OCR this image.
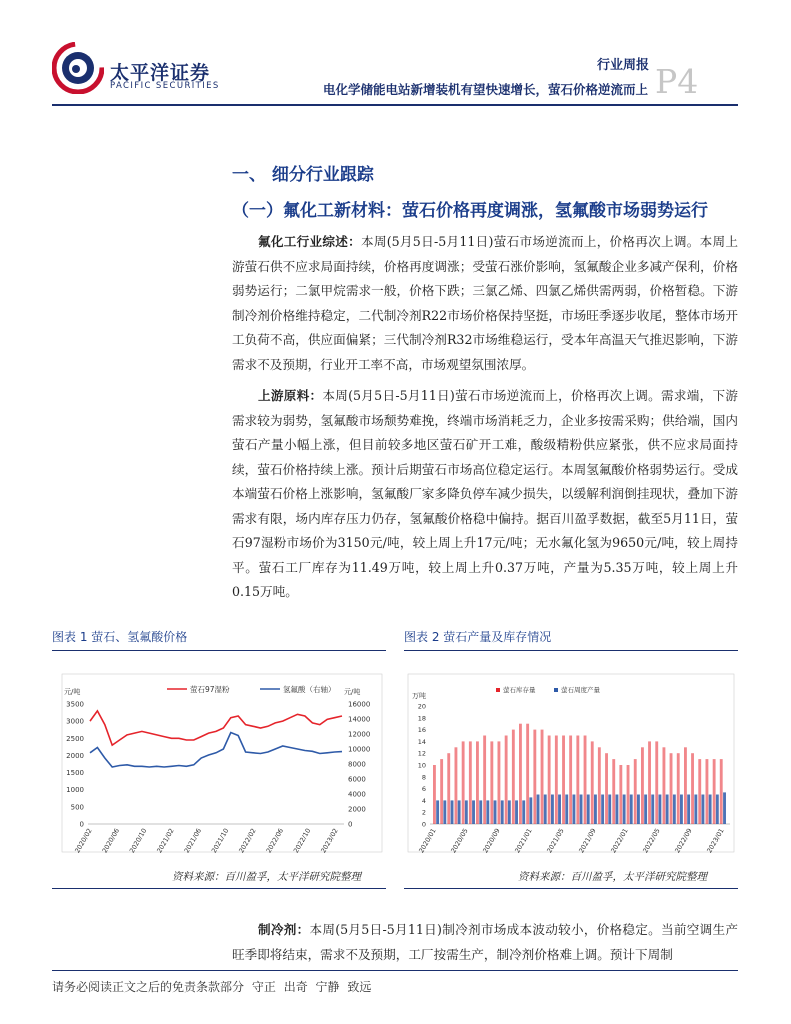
太平洋证券
PACIFIC SECURITIES
行业周报
电化学储能电站新增装机有望快速增长，萤石价格逆流而上 P4
一、 细分行业跟踪
（一）氟化工新材料：萤石价格再度调涨，氢氟酸市场弱势运行
氟化工行业综述：本周(5月5日-5月11日)萤石市场逆流而上，价格再次上调。本周上游萤石供不应求局面持续，价格再度调涨；受萤石涨价影响，氢氟酸企业多减产保利，价格弱势运行；二氯甲烷需求一般，价格下跌；三氯乙烯、四氯乙烯供需两弱，价格暂稳。下游制冷剂价格维持稳定，二代制冷剂R22市场价格保持坚挺，市场旺季逐步收尾，整体市场开工负荷不高，供应面偏紧；三代制冷剂R32市场维稳运行，受本年高温天气推迟影响，下游需求不及预期，行业开工率不高，市场观望氛围浓厚。
上游原料：本周(5月5日-5月11日)萤石市场逆流而上，价格再次上调。需求端，下游需求较为弱势，氢氟酸市场颓势难挽，终端市场消耗乏力，企业多按需采购；供给端，国内萤石产量小幅上涨，但目前较多地区萤石矿开工难，酸级精粉供应紧张，供不应求局面持续，萤石价格持续上涨。预计后期萤石市场高位稳定运行。本周氢氟酸价格弱势运行。受成本端萤石价格上涨影响，氢氟酸厂家多降负停车减少损失，以缓解利润倒挂现状，叠加下游需求有限，场内库存压力仍存，氢氟酸价格稳中偏持。据百川盈孚数据，截至5月11日，萤石97湿粉市场价为3150元/吨，较上周上升17元/吨；无水氟化氢为9650元/吨，较上周持平。萤石工厂库存为11.49万吨，较上周上升0.37万吨，产量为5.35万吨，较上周上升0.15万吨。
图表 1 萤石、氢氟酸价格	图表 2 萤石产量及库存情况
萤石97湿粉	氢氟酸（右轴）
元/吨	元/吨
3500
3000
2500
2000
1500
1000
500
0
16000
14000
12000
10000
8000
6000
4000
2000
0
2020/02 2020/06 2020/10 2021/02 2021/06 2021/10 2022/02 2022/06 2022/10 2023/02
萤石库存量	萤石周度产量
万吨
20
18
16
14
12
10
8
6
4
2
0
2020/01 2020/05 2020/09 2021/01 2021/05 2021/09 2022/01 2022/05 2022/09 2023/01
资料来源：百川盈孚，太平洋研究院整理	资料来源：百川盈孚，太平洋研究院整理
制冷剂：本周(5月5日-5月11日)制冷剂市场成本波动较小，价格稳定。当前空调生产旺季即将结束，需求不及预期，工厂按需生产，制冷剂价格难上调。预计下周制
请务必阅读正文之后的免责条款部分 守正 出奇 宁静 致远
